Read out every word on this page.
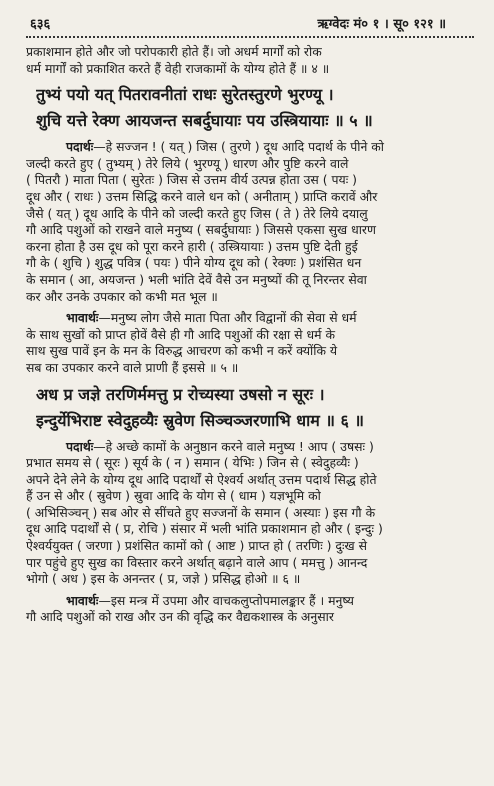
६३६	ऋग्वेदः मं० १ । सू० १२१ ॥

प्रकाशमान होते और जो परोपकारी होते हैं। जो अधर्म मार्गों को रोक

धर्म मार्गों को प्रकाशित करते हैं वेही राजकामों के योग्य होते हैं ॥ ४ ॥

तुभ्यं पयो यत् पितरावनीतां राधः सुरेतस्तुरणे भुरण्यू ।

शुचि यत्ते रेक्ण आयजन्त सबर्दुघायाः पय उस्त्रियायाः ॥ ५ ॥

पदार्थः—हे सज्जन ! ( यत् ) जिस ( तुरणे ) दूध आदि पदार्थ के पीने को

जल्दी करते हुए ( तुभ्यम् ) तेरे लिये ( भुरण्यू ) धारण और पुष्टि करने वाले

( पितरौ ) माता पिता ( सुरेतः ) जिस से उत्तम वीर्य उत्पन्न होता उस ( पयः )

दूध और ( राधः ) उत्तम सिद्धि करने वाले धन को ( अनीताम् ) प्राप्ति करावें और

जैसे ( यत् ) दूध आदि के पीने को जल्दी करते हुए जिस ( ते ) तेरे लिये दयालु

गौ आदि पशुओं को राखने वाले मनुष्य ( सबर्दुघायाः ) जिससे एकसा सुख धारण

करना होता है उस दूध को पूरा करने हारी ( उस्त्रियायाः ) उत्तम पुष्टि देती हुई

गौ के ( शुचि ) शुद्ध पवित्र ( पयः ) पीने योग्य दूध को ( रेक्णः ) प्रशंसित धन

के समान ( आ, अयजन्त ) भली भांति देवें वैसे उन मनुष्यों की तू निरन्तर सेवा

कर और उनके उपकार को कभी मत भूल ॥

भावार्थः—मनुष्य लोग जैसे माता पिता और विद्वानों की सेवा से धर्म

के साथ सुखों को प्राप्त होवें वैसे ही गौ आदि पशुओं की रक्षा से धर्म के

साथ सुख पावें इन के मन के विरुद्ध आचरण को कभी न करें क्योंकि ये

सब का उपकार करने वाले प्राणी हैं इससे ॥ ५ ॥

अध प्र जज्ञे तरणिर्ममत्तु प्र रोच्यस्या उषसो न सूरः ।

इन्दुर्येभिराष्ट स्वेदुहव्यैः स्रुवेण सिञ्चञ्जरणाभि धाम ॥ ६ ॥

पदार्थः—हे अच्छे कामों के अनुष्ठान करने वाले मनुष्य ! आप ( उषसः )

प्रभात समय से ( सूरः ) सूर्य के ( न ) समान ( येभिः ) जिन से ( स्वेदुहव्यैः )

अपने देने लेने के योग्य दूध आदि पदार्थों से ऐश्वर्य अर्थात् उत्तम पदार्थ सिद्ध होते

हैं उन से और ( स्रुवेण ) स्रुवा आदि के योग से ( धाम ) यज्ञभूमि को

( अभिसिञ्चन् ) सब ओर से सींचते हुए सज्जनों के समान ( अस्याः ) इस गौ के

दूध आदि पदार्थों से ( प्र, रोचि ) संसार में भली भांति प्रकाशमान हो और ( इन्दुः )

ऐश्वर्ययुक्त ( जरणा ) प्रशंसित कामों को ( आष्ट ) प्राप्त हो ( तरणिः ) दुःख से

पार पहुंचे हुए सुख का विस्तार करने अर्थात् बढ़ाने वाले आप ( ममत्तु ) आनन्द

भोगो ( अध ) इस के अनन्तर ( प्र, जज्ञे ) प्रसिद्ध होओ ॥ ६ ॥

भावार्थः—इस मन्त्र में उपमा और वाचकलुप्तोपमालङ्कार हैं । मनुष्य

गौ आदि पशुओं को राख और उन की वृद्धि कर वैद्यकशास्त्र के अनुसार
